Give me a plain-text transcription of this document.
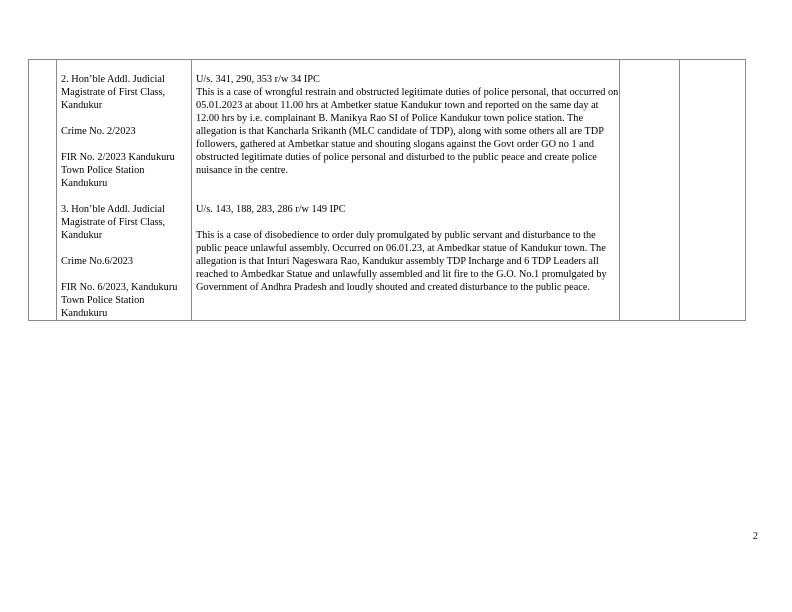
2. Hon’ble Addl. Judicial Magistrate of First Class, Kandukur

Crime No. 2/2023

FIR No. 2/2023 Kandukuru Town Police Station Kandukuru

3. Hon’ble Addl. Judicial Magistrate of First Class, Kandukur

Crime No.6/2023

FIR No. 6/2023, Kandukuru Town Police Station Kandukuru

U/s. 341, 290, 353 r/w 34 IPC

This is a case of wrongful restrain and obstructed legitimate duties of police personal, that occurred on 05.01.2023 at about 11.00 hrs at Ambetker statue Kandukur town and reported on the same day at 12.00 hrs by i.e. complainant B. Manikya Rao SI of Police Kandukur town police station. The allegation is that Kancharla Srikanth (MLC candidate of TDP), along with some others all are TDP followers, gathered at Ambetkar statue and shouting slogans against the Govt order GO no 1 and obstructed legitimate duties of police personal and disturbed to the public peace and create police nuisance in the centre.

U/s. 143, 188, 283, 286 r/w 149 IPC

This is a case of disobedience to order duly promulgated by public servant and disturbance to the public peace unlawful assembly. Occurred on 06.01.23, at Ambedkar statue of Kandukur town. The allegation is that Inturi Nageswara Rao, Kandukur assembly TDP Incharge and 6 TDP Leaders all reached to Ambedkar Statue and unlawfully assembled and lit fire to the G.O. No.1 promulgated by Government of Andhra Pradesh and loudly shouted and created disturbance to the public peace.

2
